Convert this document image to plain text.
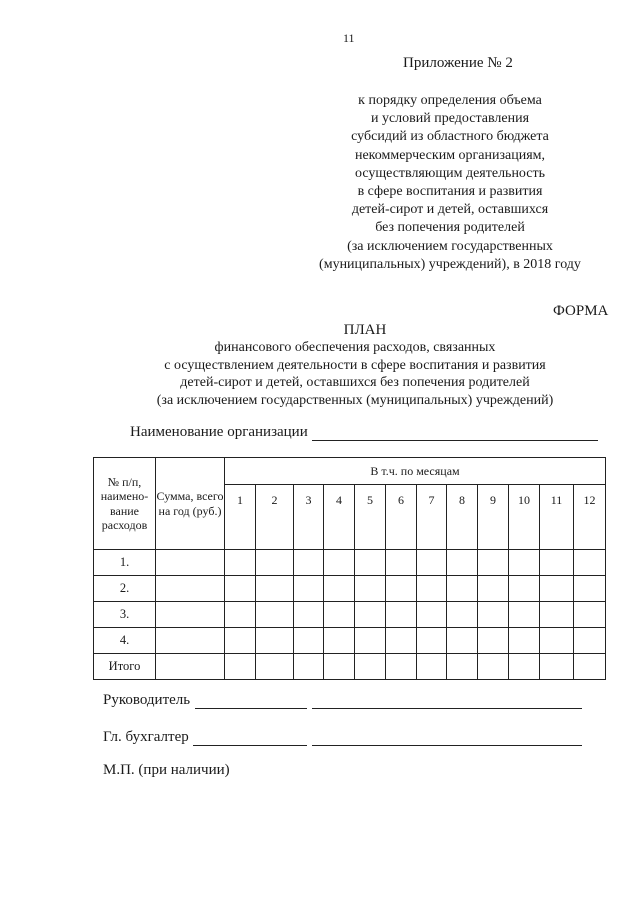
11
Приложение № 2
к порядку определения объема
и условий предоставления
субсидий из областного бюджета
некоммерческим организациям,
осуществляющим деятельность
в сфере воспитания и развития
детей-сирот и детей, оставшихся
без попечения родителей
(за исключением государственных
(муниципальных) учреждений), в 2018 году
ФОРМА
ПЛАН
финансового обеспечения расходов, связанных
с осуществлением деятельности в сфере воспитания и развития
детей-сирот и детей, оставшихся без попечения родителей
(за исключением государственных (муниципальных) учреждений)
Наименование организации
№ п/п, наимено- вание расходов	Сумма, всего на год (руб.)	В т.ч. по месяцам											
		1	2	3	4	5	6	7	8	9	10	11	12
1.													
2.													
3.													
4.													
Итого													
Руководитель
Гл. бухгалтер
М.П. (при наличии)
